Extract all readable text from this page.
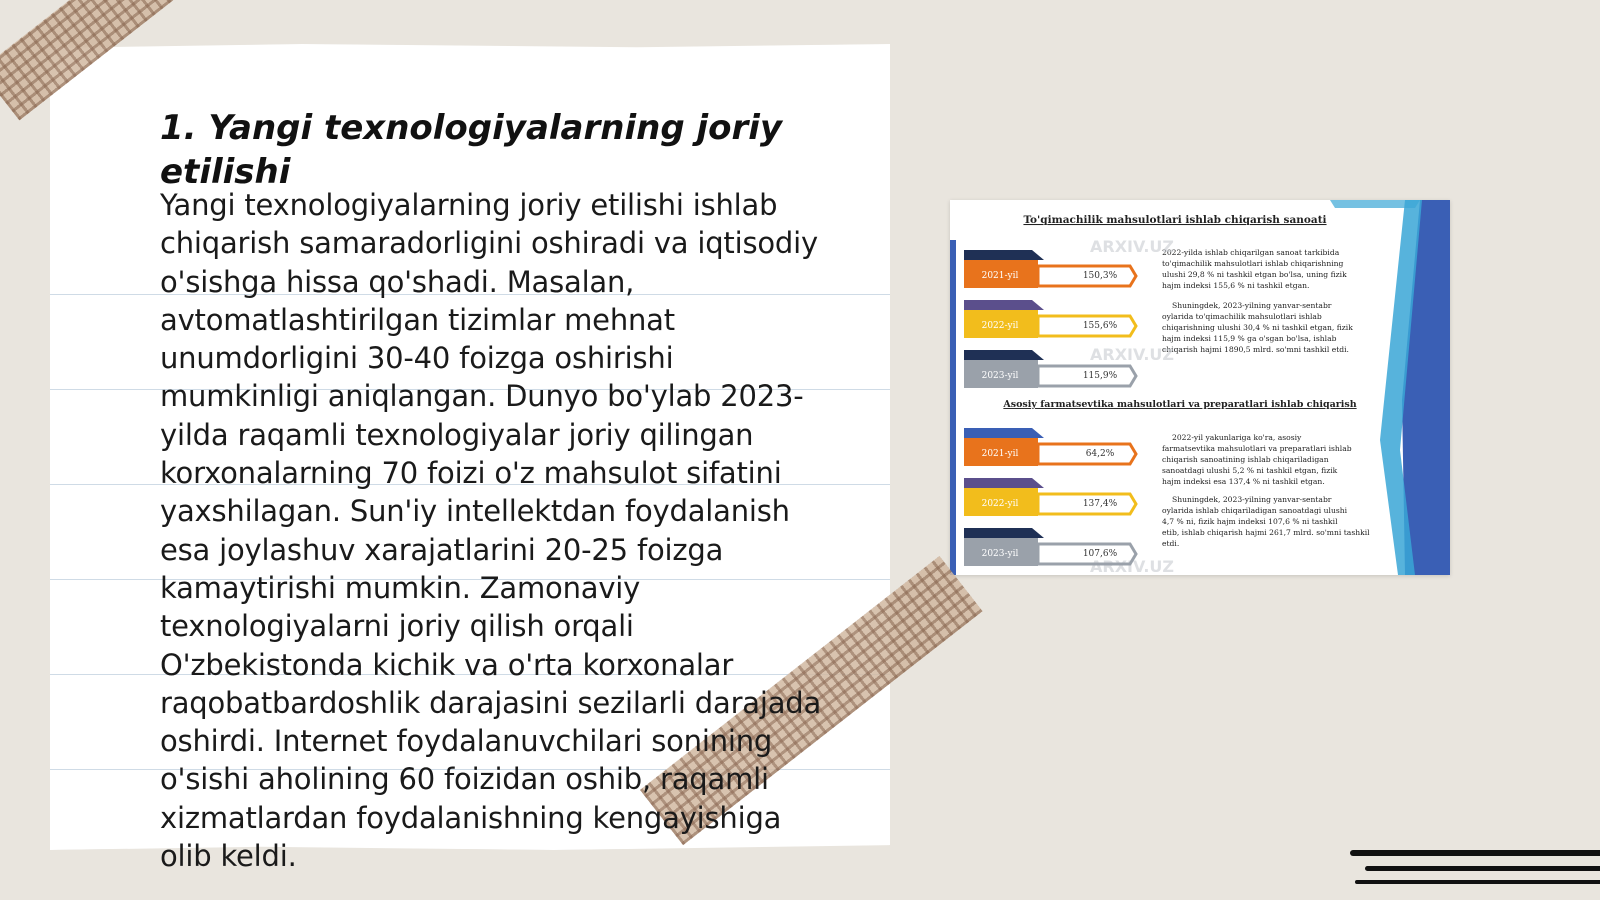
1. Yangi texnologiyalarning joriy etilishi

Yangi texnologiyalarning joriy etilishi ishlab chiqarish samaradorligini oshiradi va iqtisodiy o'sishga hissa qo'shadi. Masalan, avtomatlashtirilgan tizimlar mehnat unumdorligini 30-40 foizga oshirishi mumkinligi aniqlangan. Dunyo bo'ylab 2023-yilda raqamli texnologiyalar joriy qilingan korxonalarning 70 foizi o'z mahsulot sifatini yaxshilagan. Sun'iy intellektdan foydalanish esa joylashuv xarajatlarini 20-25 foizga kamaytirishi mumkin. Zamonaviy texnologiyalarni joriy qilish orqali O'zbekistonda kichik va o'rta korxonalar raqobatbardoshlik darajasini sezilarli darajada oshirdi. Internet foydalanuvchilari sonining o'sishi aholining 60 foizidan oshib, raqamli xizmatlardan foydalanishning kengayishiga olib keldi.

To'qimachilik mahsulotlari ishlab chiqarish sanoati
2021-yil	150,3%
2022-yil	155,6%
2023-yil	115,9%
2022-yilda ishlab chiqarilgan sanoat tarkibida
to'qimachilik mahsulotlari ishlab chiqarishning
ulushi 29,8 % ni tashkil etgan bo'lsa, uning fizik
hajm indeksi 155,6 % ni tashkil etgan.
Shuningdek, 2023-yilning yanvar-sentabr
oylarida to'qimachilik mahsulotlari ishlab
chiqarishning ulushi 30,4 % ni tashkil etgan, fizik
hajm indeksi 115,9 % ga o'sgan bo'lsa, ishlab
chiqarish hajmi 1890,5 mlrd. so'mni tashkil etdi.
ARXIV.UZ
ARXIV.UZ
ARXIV.UZ
Asosiy farmatsevtika mahsulotlari va preparatlari ishlab chiqarish
2021-yil	64,2%
2022-yil	137,4%
2023-yil	107,6%
2022-yil yakunlariga ko'ra, asosiy
farmatsevtika mahsulotlari va preparatlari ishlab
chiqarish sanoatining ishlab chiqariladigan
sanoatdagi ulushi 5,2 % ni tashkil etgan, fizik
hajm indeksi esa 137,4 % ni tashkil etgan.
Shuningdek, 2023-yilning yanvar-sentabr
oylarida ishlab chiqariladigan sanoatdagi ulushi
4,7 % ni, fizik hajm indeksi 107,6 % ni tashkil
etib, ishlab chiqarish hajmi 261,7 mlrd. so'mni tashkil
etdi.
